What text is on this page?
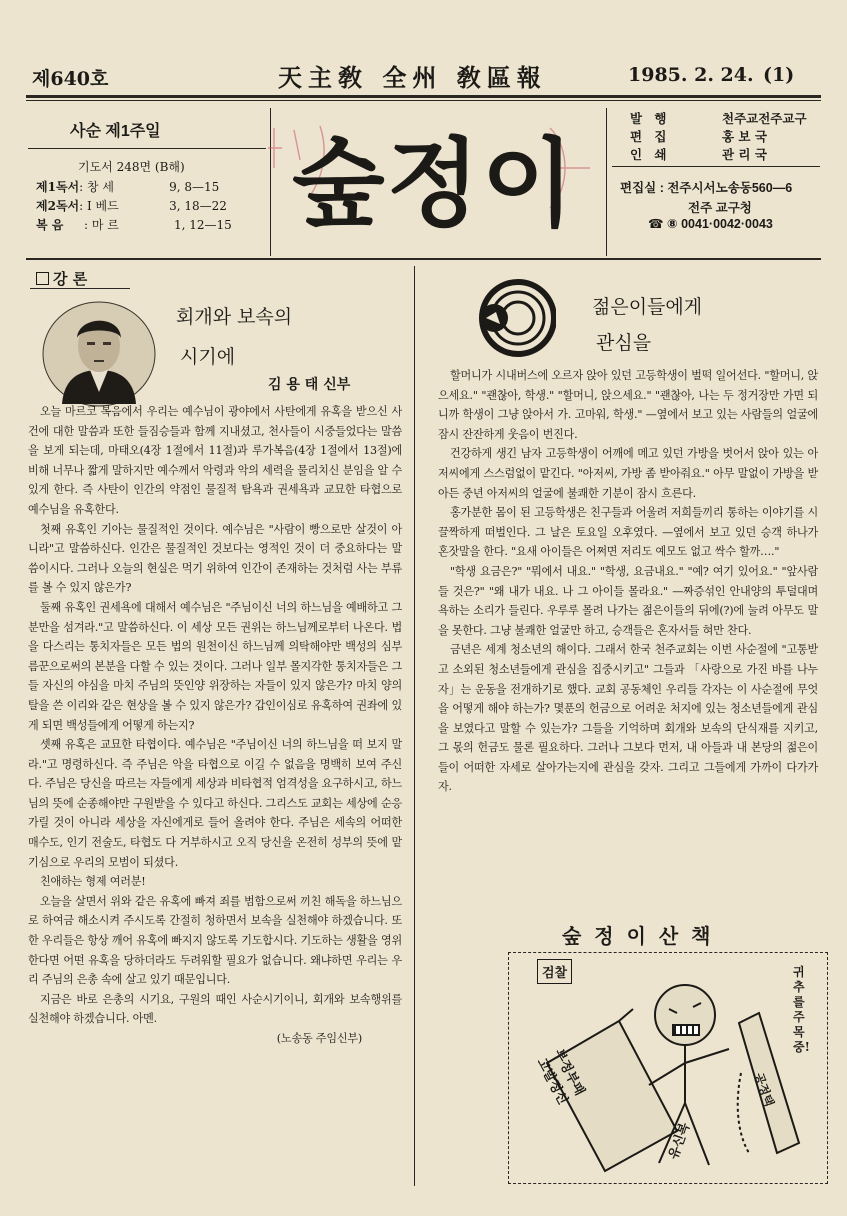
제640호	天主敎 全州 敎區報	1985. 2. 24. (1)
사순 제1주일
기도서 248면 (B해)
제1독서: 창 세	9, 8—15
제2독서: I 베드	3, 18—22
복 음 : 마 르	1, 12—15 숲정이
발 행	천주교전주교구
편 집	홍 보 국
인 쇄	관 리 국
편집실 : 전주시서노송동560—6
전주 교구청
☎ ⑧ 0041·0042·0043
강 론
회개와 보속의
시기에
김 용 태 신부

오늘 마르코 복음에서 우리는 예수님이 광야에서 사탄에게 유혹을 받으신 사건에 대한 말씀과 또한 들짐승들과 함께 지내셨고, 천사들이 시중들었다는 말씀을 보게 되는데, 마태오(4장 1절에서 11절)과 루가복음(4장 1절에서 13절)에 비해 너무나 짧게 말하지만 예수께서 악령과 악의 세력을 물리치신 분임을 알 수 있게 한다. 즉 사탄이 인간의 약점인 물질적 탐욕과 권세욕과 교묘한 타협으로 예수님을 유혹한다.

첫째 유혹인 기아는 물질적인 것이다. 예수님은 "사람이 빵으로만 살것이 아니라"고 말씀하신다. 인간은 물질적인 것보다는 영적인 것이 더 중요하다는 말씀이시다. 그러나 오늘의 현실은 먹기 위하여 인간이 존재하는 것처럼 사는 부류를 볼 수 있지 않은가?

둘째 유혹인 권세욕에 대해서 예수님은 "주님이신 너의 하느님을 예배하고 그분만을 섬겨라."고 말씀하신다. 이 세상 모든 권위는 하느님께로부터 나온다. 법을 다스리는 통치자들은 모든 법의 원천이신 하느님께 의탁해야만 백성의 심부름꾼으로써의 본분을 다할 수 있는 것이다. 그러나 일부 몰지각한 통치자들은 그들 자신의 야심을 마치 주님의 뜻인양 위장하는 자들이 있지 않은가? 마치 양의 탈을 쓴 이리와 같은 현상을 볼 수 있지 않은가? 갑인이심로 유혹하여 권좌에 있게 되면 백성들에게 어떻게 하는지?

셋째 유혹은 교묘한 타협이다. 예수님은 "주님이신 너의 하느님을 떠 보지 말라."고 명령하신다. 즉 주님은 악을 타협으로 이길 수 없음을 명백히 보여 주신다. 주님은 당신을 따르는 자들에게 세상과 비타협적 엄격성을 요구하시고, 하느님의 뜻에 순종해야만 구원받을 수 있다고 하신다. 그리스도 교회는 세상에 순응가릴 것이 아니라 세상을 자신에게로 들어 올려야 한다. 주님은 세속의 어떠한 매수도, 인기 전술도, 타협도 다 거부하시고 오직 당신을 온전히 성부의 뜻에 맡기심으로 우리의 모범이 되셨다.

친애하는 형제 여러분!

오늘을 살면서 위와 같은 유혹에 빠져 죄를 범함으로써 끼친 해독을 하느님으로 하여금 해소시켜 주시도록 간절히 청하면서 보속을 실천해야 하겠습니다. 또한 우리들은 항상 깨어 유혹에 빠지지 않도록 기도합시다. 기도하는 생활을 영위한다면 어떤 유혹을 당하더라도 두려워할 필요가 없습니다. 왜냐하면 우리는 우리 주님의 은총 속에 살고 있기 때문입니다.

지금은 바로 은총의 시기요, 구원의 때인 사순시기이니, 회개와 보속행위를 실천해야 하겠습니다. 아멘.

(노송동 주임신부)
젊은이들에게
관심을

할머니가 시내버스에 오르자 앉아 있던 고등학생이 벌떡 일어선다. "할머니, 앉으세요." "괜찮아, 학생." "할머니, 앉으세요." "괜찮아, 나는 두 정거장만 가면 되니까 학생이 그냥 앉아서 가. 고마워, 학생." —옆에서 보고 있는 사람들의 얼굴에 잠시 잔잔하게 웃음이 번진다.

건강하게 생긴 남자 고등학생이 어깨에 메고 있던 가방을 벗어서 앉아 있는 아저씨에게 스스럼없이 맡긴다. "아저씨, 가방 좀 받아줘요." 아무 말없이 가방을 받아든 중년 아저씨의 얼굴에 불쾌한 기분이 잠시 흐른다.

홍가분한 몸이 된 고등학생은 친구들과 어울려 저희들끼리 통하는 이야기를 시끌짝하게 떠벌인다. 그 날은 토요일 오후였다. —옆에서 보고 있던 승객 하나가 혼잣말을 한다. "요새 아이들은 어쩌면 저리도 예모도 없고 싹수 할까…."

"학생 요금은?" "뭐에서 내요." "학생, 요금내요." "예? 여기 있어요." "앞사람들 것은?" "왜 내가 내요. 나 그 아이들 몰라요." —짜증섞인 안내양의 투덜대며 욕하는 소리가 들린다. 우루루 몰려 나가는 젊은이들의 뒤에(?)에 눌려 아무도 말을 못한다. 그냥 불쾌한 얼굴만 하고, 승객들은 혼자서들 혀만 찬다.

금년은 세계 청소년의 해이다. 그래서 한국 천주교회는 이번 사순절에 "고통받고 소외된 청소년들에게 관심을 집중시키고" 그들과 「사랑으로 가진 바를 나누자」는 운동을 전개하기로 했다. 교회 공동체인 우리들 각자는 이 사순절에 무엇을 어떻게 해야 하는가? 몇푼의 헌금으로 어려운 처지에 있는 청소년들에게 관심을 보였다고 말할 수 있는가? 그들을 기억하며 회개와 보속의 단식재를 지키고, 그 몫의 헌금도 물론 필요하다. 그러나 그보다 먼저, 내 아들과 내 본당의 젊은이들이 어떠한 자세로 살아가는지에 관심을 갖자. 그리고 그들에게 가까이 다가가자.

숲 정 이 산 책
검찰
부정부패
고발정신
유신복
공정택
귀추를 주목중!
